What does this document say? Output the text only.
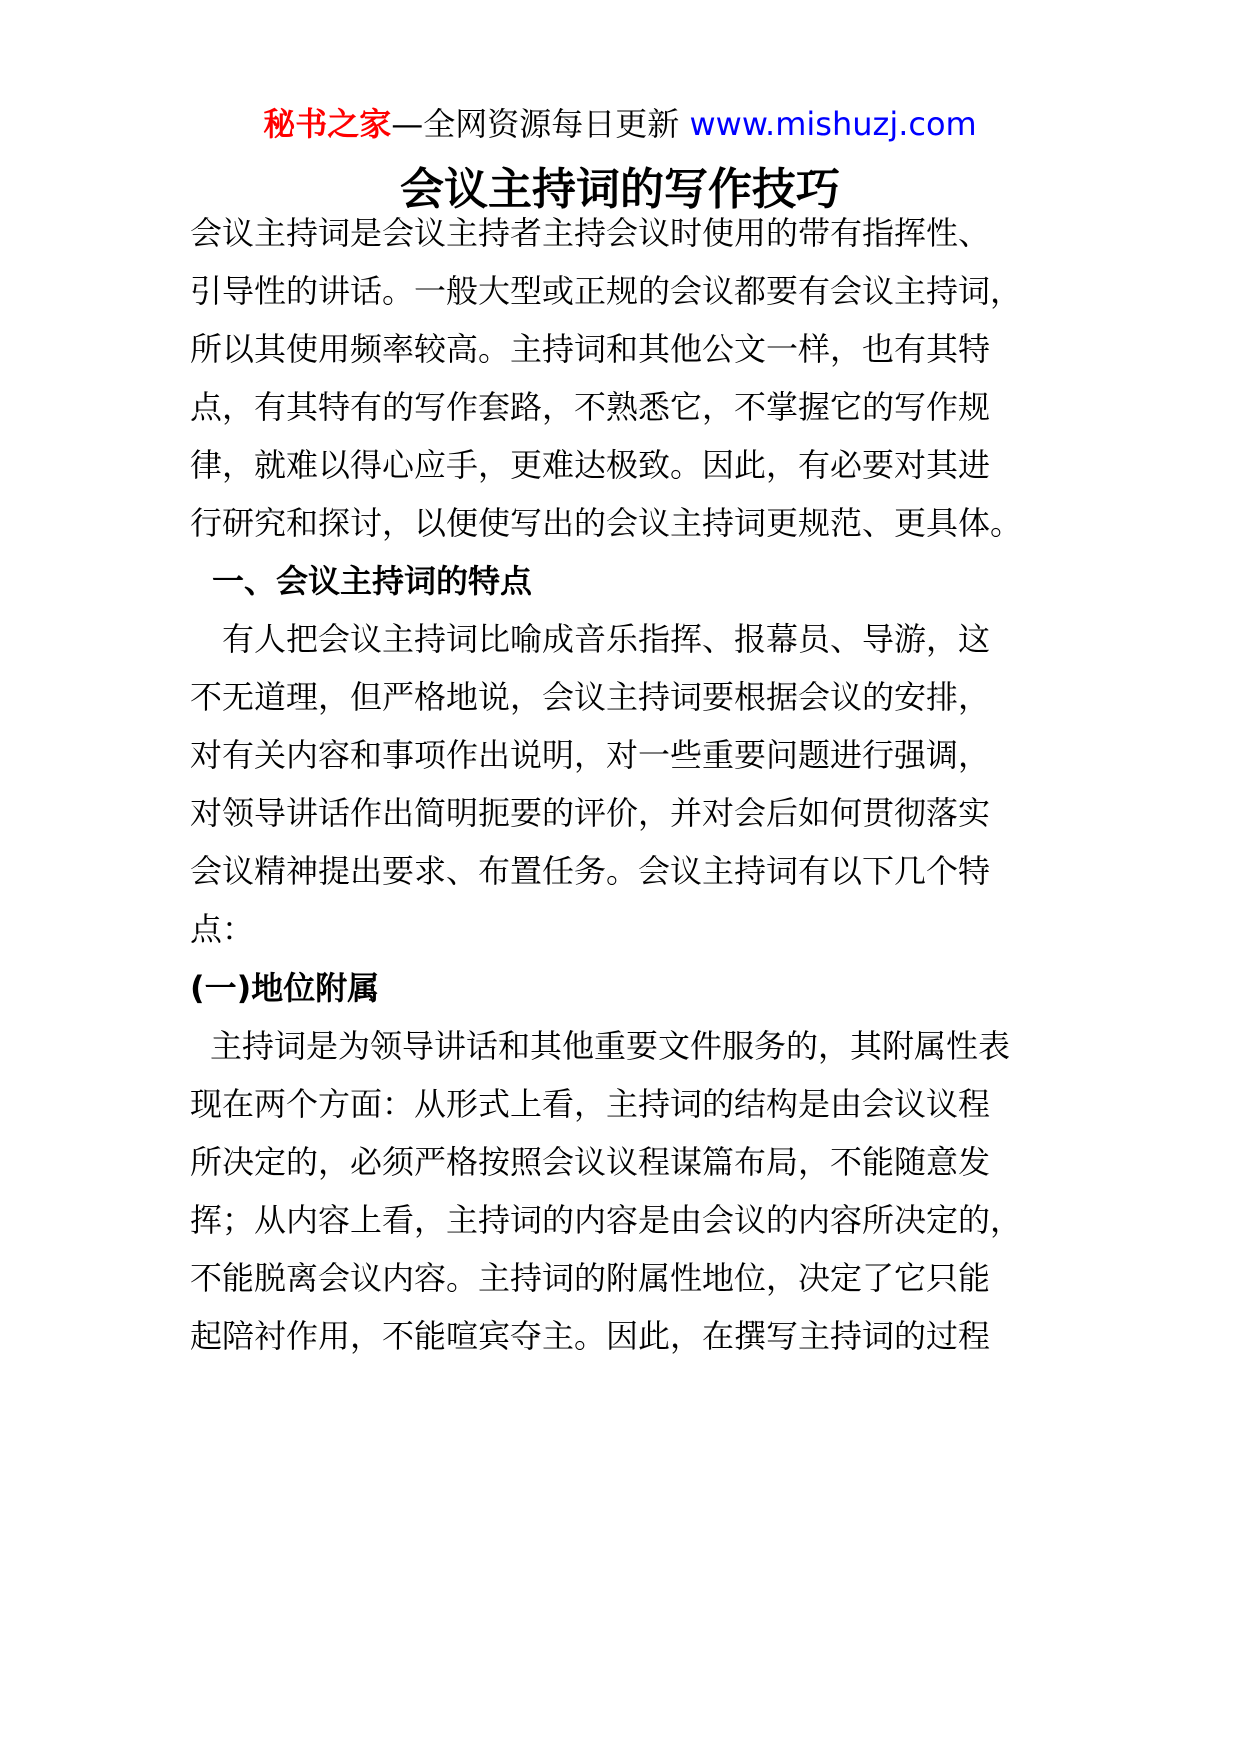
秘书之家—全网资源每日更新 www.mishuzj.com
会议主持词的写作技巧
会议主持词是会议主持者主持会议时使用的带有指挥性、
引导性的讲话。一般大型或正规的会议都要有会议主持词，
所以其使用频率较高。主持词和其他公文一样，也有其特
点，有其特有的写作套路，不熟悉它，不掌握它的写作规
律，就难以得心应手，更难达极致。因此，有必要对其进
行研究和探讨，以便使写出的会议主持词更规范、更具体。
一、会议主持词的特点
有人把会议主持词比喻成音乐指挥、报幕员、导游，这
不无道理，但严格地说，会议主持词要根据会议的安排，
对有关内容和事项作出说明，对一些重要问题进行强调，
对领导讲话作出简明扼要的评价，并对会后如何贯彻落实
会议精神提出要求、布置任务。会议主持词有以下几个特
点：
(一)地位附属
主持词是为领导讲话和其他重要文件服务的，其附属性表
现在两个方面：从形式上看，主持词的结构是由会议议程
所决定的，必须严格按照会议议程谋篇布局，不能随意发
挥；从内容上看，主持词的内容是由会议的内容所决定的，
不能脱离会议内容。主持词的附属性地位，决定了它只能
起陪衬作用，不能喧宾夺主。因此，在撰写主持词的过程
